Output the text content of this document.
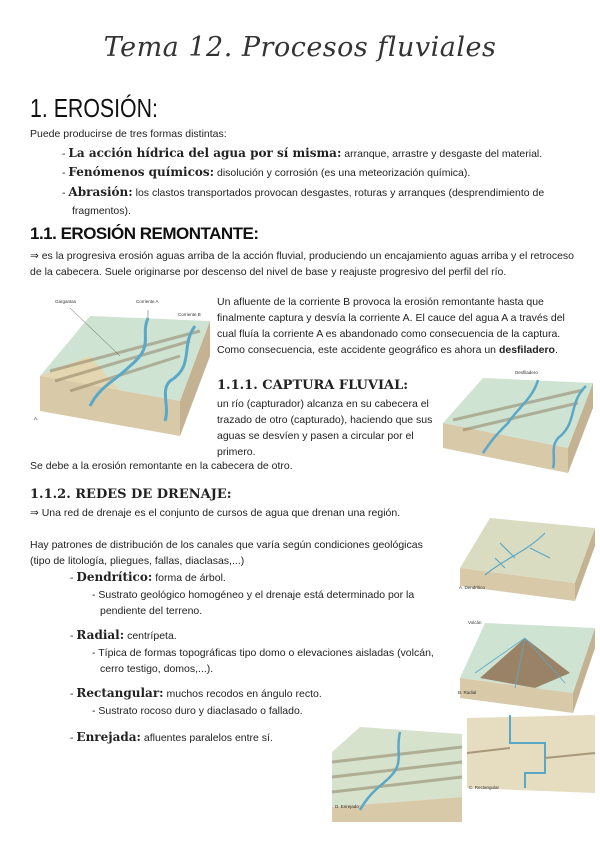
Tema 12. Procesos fluviales
1. EROSIÓN:
Puede producirse de tres formas distintas:
- La acción hídrica del agua por sí misma: arranque, arrastre y desgaste del material.
- Fenómenos químicos: disolución y corrosión (es una meteorización química).
- Abrasión: los clastos transportados provocan desgastes, roturas y arranques (desprendimiento de fragmentos).
1.1. EROSIÓN REMONTANTE:
⇒ es la progresiva erosión aguas arriba de la acción fluvial, produciendo un encajamiento aguas arriba y el retroceso de la cabecera. Suele originarse por descenso del nivel de base y reajuste progresivo del perfil del río.
Gargantas	Corriente A
Corriente B
A.
Un afluente de la corriente B provoca la erosión remontante hasta que finalmente captura y desvía la corriente A. El cauce del agua A a través del cual fluía la corriente A es abandonado como consecuencia de la captura. Como consecuencia, este accidente geográfico es ahora un desfiladero.
1.1.1. CAPTURA FLUVIAL:
un río (capturador) alcanza en su cabecera el trazado de otro (capturado), haciendo que sus aguas se desvíen y pasen a circular por el primero.
Se debe a la erosión remontante en la cabecera de otro.
Desfiladero
1.1.2. REDES DE DRENAJE:
⇒ Una red de drenaje es el conjunto de cursos de agua que drenan una región.
Hay patrones de distribución de los canales que varía según condiciones geológicas (tipo de litología, pliegues, fallas, diaclasas,...)
- Dendrítico: forma de árbol.
- Sustrato geológico homogéneo y el drenaje está determinado por la pendiente del terreno.
- Radial: centrípeta.
- Típica de formas topográficas tipo domo o elevaciones aisladas (volcán, cerro testigo, domos,...).
- Rectangular: muchos recodos en ángulo recto.
- Sustrato rocoso duro y diaclasado o fallado.
- Enrejada: afluentes paralelos entre sí.
A. Dendrítico
Volcán
B. Radial
D. Enrejado
C. Rectangular
